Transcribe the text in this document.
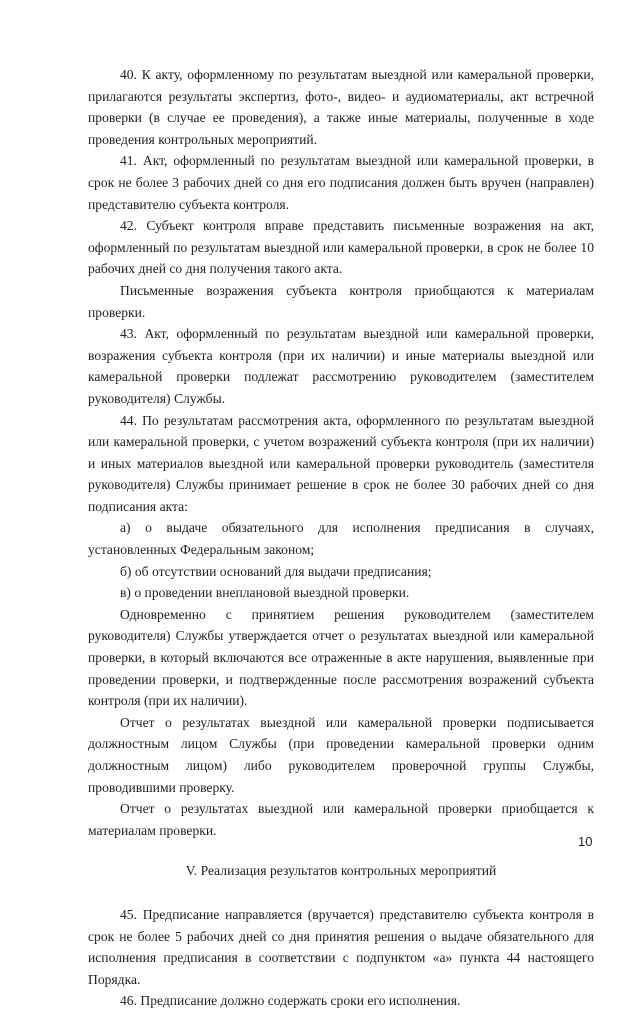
40. К акту, оформленному по результатам выездной или камеральной проверки, прилагаются результаты экспертиз, фото-, видео- и аудиоматериалы, акт встречной проверки (в случае ее проведения), а также иные материалы, полученные в ходе проведения контрольных мероприятий.

41. Акт, оформленный по результатам выездной или камеральной проверки, в срок не более 3 рабочих дней со дня его подписания должен быть вручен (направлен) представителю субъекта контроля.

42. Субъект контроля вправе представить письменные возражения на акт, оформленный по результатам выездной или камеральной проверки, в срок не более 10 рабочих дней со дня получения такого акта.

Письменные возражения субъекта контроля приобщаются к материалам проверки.

43. Акт, оформленный по результатам выездной или камеральной проверки, возражения субъекта контроля (при их наличии) и иные материалы выездной или камеральной проверки подлежат рассмотрению руководителем (заместителем руководителя) Службы.

44. По результатам рассмотрения акта, оформленного по результатам выездной или камеральной проверки, с учетом возражений субъекта контроля (при их наличии) и иных материалов выездной или камеральной проверки руководитель (заместителя руководителя) Службы принимает решение в срок не более 30 рабочих дней со дня подписания акта:

а) о выдаче обязательного для исполнения предписания в случаях, установленных Федеральным законом;

б) об отсутствии оснований для выдачи предписания;

в) о проведении внеплановой выездной проверки.

Одновременно с принятием решения руководителем (заместителем руководителя) Службы утверждается отчет о результатах выездной или камеральной проверки, в который включаются все отраженные в акте нарушения, выявленные при проведении проверки, и подтвержденные после рассмотрения возражений субъекта контроля (при их наличии).

Отчет о результатах выездной или камеральной проверки подписывается должностным лицом Службы (при проведении камеральной проверки одним должностным лицом) либо руководителем проверочной группы Службы, проводившими проверку.

Отчет о результатах выездной или камеральной проверки приобщается к материалам проверки.

V. Реализация результатов контрольных мероприятий

45. Предписание направляется (вручается) представителю субъекта контроля в срок не более 5 рабочих дней со дня принятия решения о выдаче обязательного для исполнения предписания в соответствии с подпунктом «а» пункта 44 настоящего Порядка.

46. Предписание должно содержать сроки его исполнения.

10
